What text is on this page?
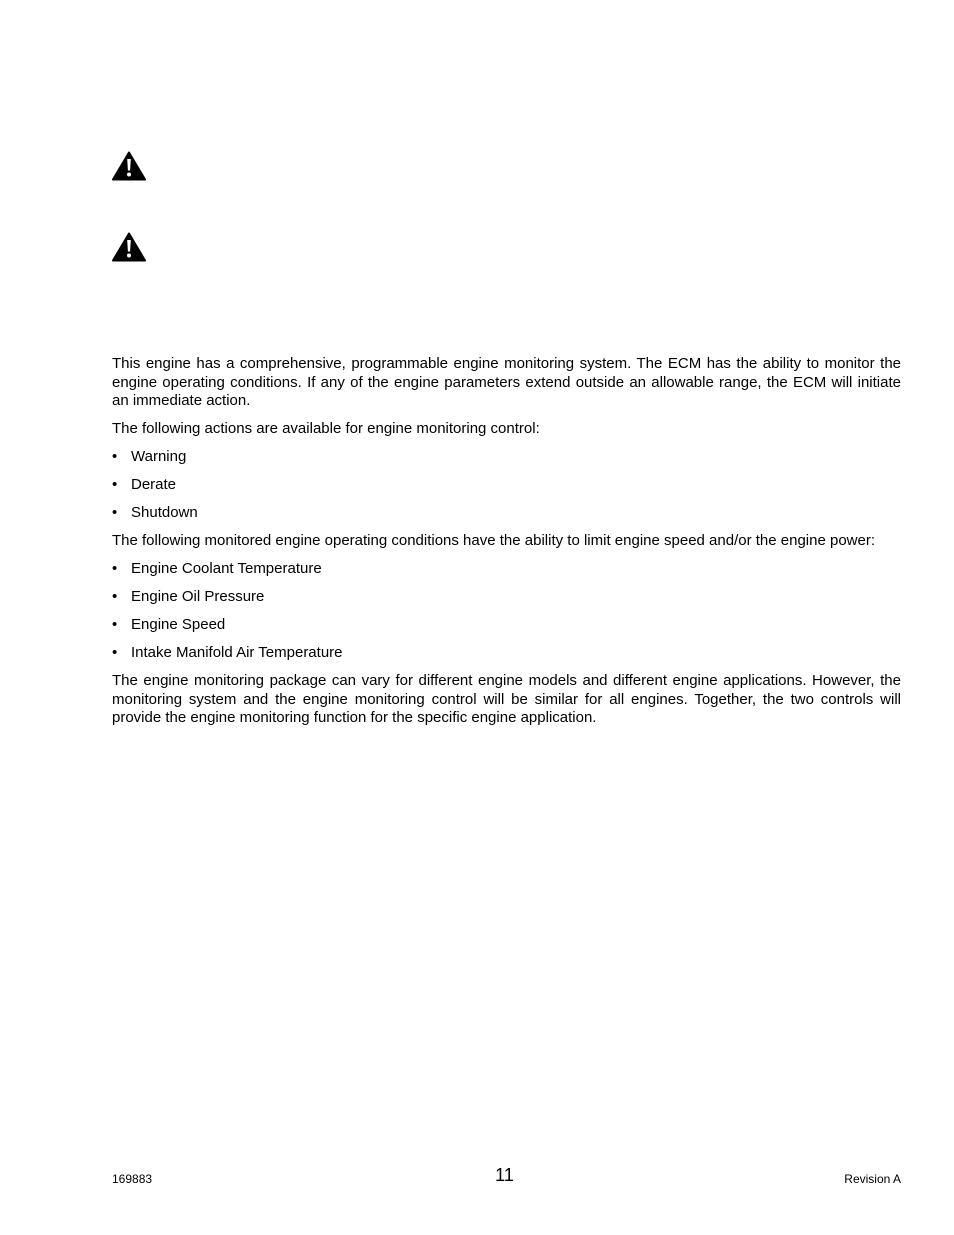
This engine has a comprehensive, programmable engine monitoring system. The ECM has the ability to monitor the engine operating conditions. If any of the engine parameters extend outside an allowable range, the ECM will initiate an immediate action.

The following actions are available for engine monitoring control:

• Warning
• Derate
• Shutdown

The following monitored engine operating conditions have the ability to limit engine speed and/or the engine power:

• Engine Coolant Temperature
• Engine Oil Pressure
• Engine Speed
• Intake Manifold Air Temperature

The engine monitoring package can vary for different engine models and different engine applications. However, the monitoring system and the engine monitoring control will be similar for all engines. Together, the two controls will provide the engine monitoring function for the specific engine application.

169883	11	Revision A
